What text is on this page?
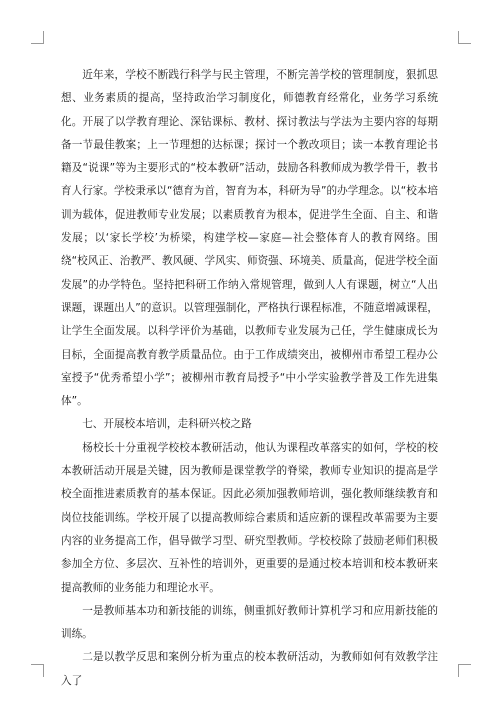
近年来，学校不断践行科学与民主管理，不断完善学校的管理制度，狠抓思想、业务素质的提高，坚持政治学习制度化，师德教育经常化，业务学习系统化。开展了以学教育理论、深钻课标、教材、探讨教法与学法为主要内容的每期备一节最佳教案；上一节理想的达标课；探讨一个教改项目；读一本教育理论书籍及“说课”等为主要形式的“校本教研”活动，鼓励各科教师成为教学骨干，教书育人行家。学校秉承以“德育为首，智育为本，科研为导”的办学理念。以“校本培训为载体，促进教师专业发展；以素质教育为根本，促进学生全面、自主、和谐发展；以‘家长学校’为桥梁，构建学校—家庭—社会整体育人的教育网络。围绕“校风正、治教严、教风硬、学风实、师资强、环境美、质量高，促进学校全面发展”的办学特色。坚持把科研工作纳入常规管理，做到人人有课题，树立“人出课题，课题出人”的意识。以管理强制化，严格执行课程标准，不随意增减课程，让学生全面发展。以科学评价为基础，以教师专业发展为己任，学生健康成长为目标，全面提高教育教学质量品位。由于工作成绩突出，被柳州市希望工程办公室授予“优秀希望小学”；被柳州市教育局授予“中小学实验教学普及工作先进集体”。

七、开展校本培训，走科研兴校之路

杨校长十分重视学校校本教研活动，他认为课程改革落实的如何，学校的校本教研活动开展是关键，因为教师是课堂教学的脊梁，教师专业知识的提高是学校全面推进素质教育的基本保证。因此必须加强教师培训，强化教师继续教育和岗位技能训练。学校开展了以提高教师综合素质和适应新的课程改革需要为主要内容的业务提高工作，倡导做学习型、研究型教师。学校校除了鼓励老师们积极参加全方位、多层次、互补性的培训外，更重要的是通过校本培训和校本教研来提高教师的业务能力和理论水平。

一是教师基本功和新技能的训练，侧重抓好教师计算机学习和应用新技能的训练。

二是以教学反思和案例分析为重点的校本教研活动，为教师如何有效教学注入了
